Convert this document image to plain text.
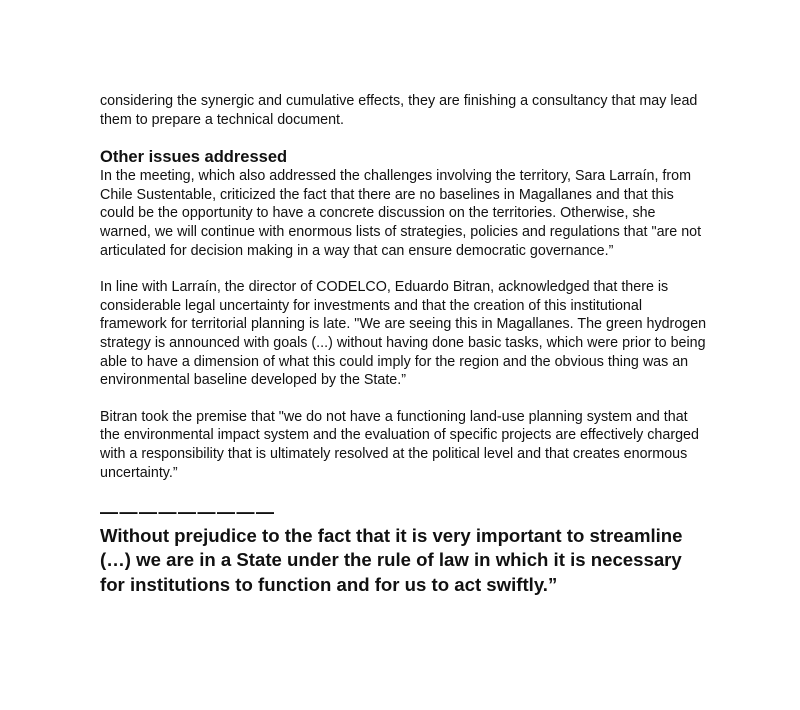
considering the synergic and cumulative effects, they are finishing a consultancy that may lead them to prepare a technical document.

Other issues addressed

In the meeting, which also addressed the challenges involving the territory, Sara Larraín, from Chile Sustentable, criticized the fact that there are no baselines in Magallanes and that this could be the opportunity to have a concrete discussion on the territories. Otherwise, she warned, we will continue with enormous lists of strategies, policies and regulations that "are not articulated for decision making in a way that can ensure democratic governance.”

In line with Larraín, the director of CODELCO, Eduardo Bitran, acknowledged that there is considerable legal uncertainty for investments and that the creation of this institutional framework for territorial planning is late. "We are seeing this in Magallanes. The green hydrogen strategy is announced with goals (...) without having done basic tasks, which were prior to being able to have a dimension of what this could imply for the region and the obvious thing was an environmental baseline developed by the State.”

Bitran took the premise that "we do not have a functioning land-use planning system and that the environmental impact system and the evaluation of specific projects are effectively charged with a responsibility that is ultimately resolved at the political level and that creates enormous uncertainty.”

—————————

Without prejudice to the fact that it is very important to streamline (…) we are in a State under the rule of law in which it is necessary for institutions to function and for us to act swiftly.”
